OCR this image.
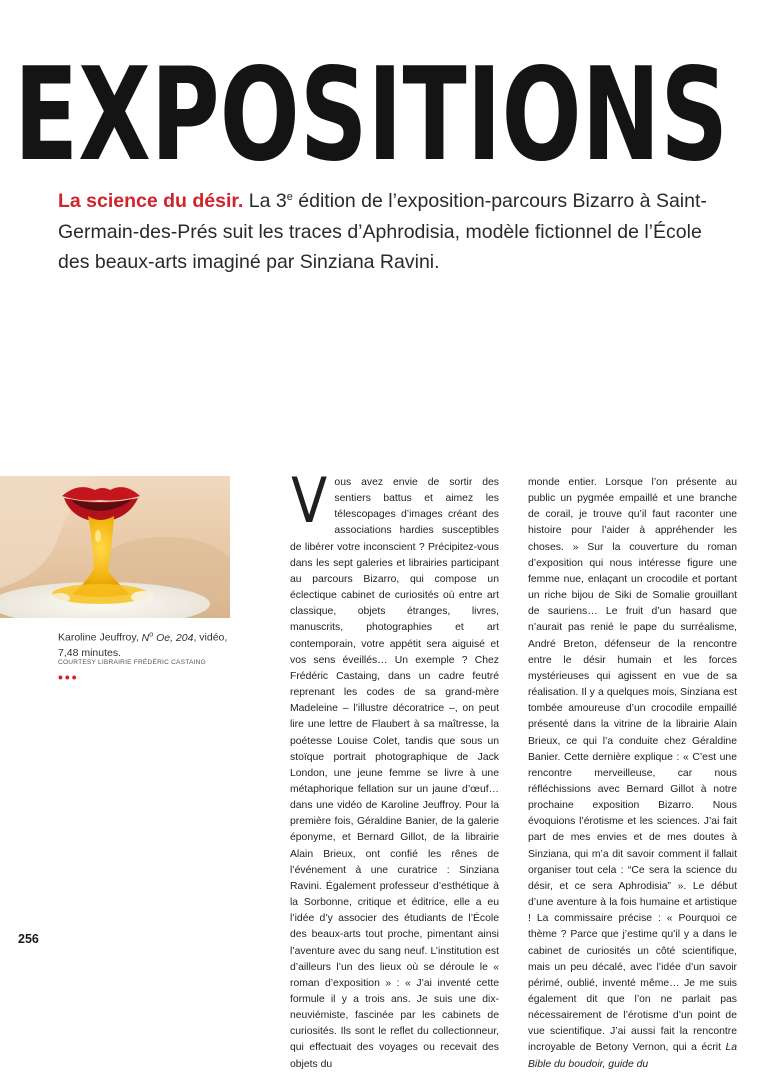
EXPOSITIONS

La science du désir. La 3e édition de l’exposition-parcours Bizarro à Saint-Germain-des-Prés suit les traces d’Aphrodisia, modèle fictionnel de l’École des beaux-arts imaginé par Sinziana Ravini.

Karoline Jeuffroy, $N^o$ Oe, 204, vidéo, 7,48 minutes.

COURTESY LIBRAIRIE FRÉDÉRIC CASTAING

•••

Vous avez envie de sortir des sentiers battus et aimez les télescopages d’images créant des associations hardies susceptibles de libérer votre inconscient ? Précipitez-vous dans les sept galeries et librairies participant au parcours Bizarro, qui compose un éclectique cabinet de curiosités où entre art classique, objets étranges, livres, manuscrits, photographies et art contemporain, votre appétit sera aiguisé et vos sens éveillés… Un exemple ? Chez Frédéric Castaing, dans un cadre feutré reprenant les codes de sa grand-mère Madeleine – l’illustre décoratrice –, on peut lire une lettre de Flaubert à sa maîtresse, la poétesse Louise Colet, tandis que sous un stoïque portrait photographique de Jack London, une jeune femme se livre à une métaphorique fellation sur un jaune d’œuf… dans une vidéo de Karoline Jeuffroy. Pour la première fois, Géraldine Banier, de la galerie éponyme, et Bernard Gillot, de la librairie Alain Brieux, ont confié les rênes de l’événement à une curatrice : Sinziana Ravini. Également professeur d’esthétique à la Sorbonne, critique et éditrice, elle a eu l’idée d’y associer des étudiants de l’École des beaux-arts tout proche, pimentant ainsi l’aventure avec du sang neuf. L’institution est d’ailleurs l’un des lieux où se déroule le « roman d’exposition » : « J’ai inventé cette formule il y a trois ans. Je suis une dix-neuviémiste, fascinée par les cabinets de curiosités. Ils sont le reflet du collectionneur, qui effectuait des voyages ou recevait des objets du

monde entier. Lorsque l’on présente au public un pygmée empaillé et une branche de corail, je trouve qu’il faut raconter une histoire pour l’aider à appréhender les choses. » Sur la couverture du roman d’exposition qui nous intéresse figure une femme nue, enlaçant un crocodile et portant un riche bijou de Siki de Somalie grouillant de sauriens… Le fruit d’un hasard que n’aurait pas renié le pape du surréalisme, André Breton, défenseur de la rencontre entre le désir humain et les forces mystérieuses qui agissent en vue de sa réalisation. Il y a quelques mois, Sinziana est tombée amoureuse d’un crocodile empaillé présenté dans la vitrine de la librairie Alain Brieux, ce qui l’a conduite chez Géraldine Banier. Cette dernière explique : « C’est une rencontre merveilleuse, car nous réfléchissions avec Bernard Gillot à notre prochaine exposition Bizarro. Nous évoquions l’érotisme et les sciences. J’ai fait part de mes envies et de mes doutes à Sinziana, qui m’a dit savoir comment il fallait organiser tout cela : “Ce sera la science du désir, et ce sera Aphrodisia” ». Le début d’une aventure à la fois humaine et artistique ! La commissaire précise : « Pourquoi ce thème ? Parce que j’estime qu’il y a dans le cabinet de curiosités un côté scientifique, mais un peu décalé, avec l’idée d’un savoir périmé, oublié, inventé même… Je me suis également dit que l’on ne parlait pas nécessairement de l’érotisme d’un point de vue scientifique. J’ai aussi fait la rencontre incroyable de Betony Vernon, qui a écrit La Bible du boudoir, guide du

256
